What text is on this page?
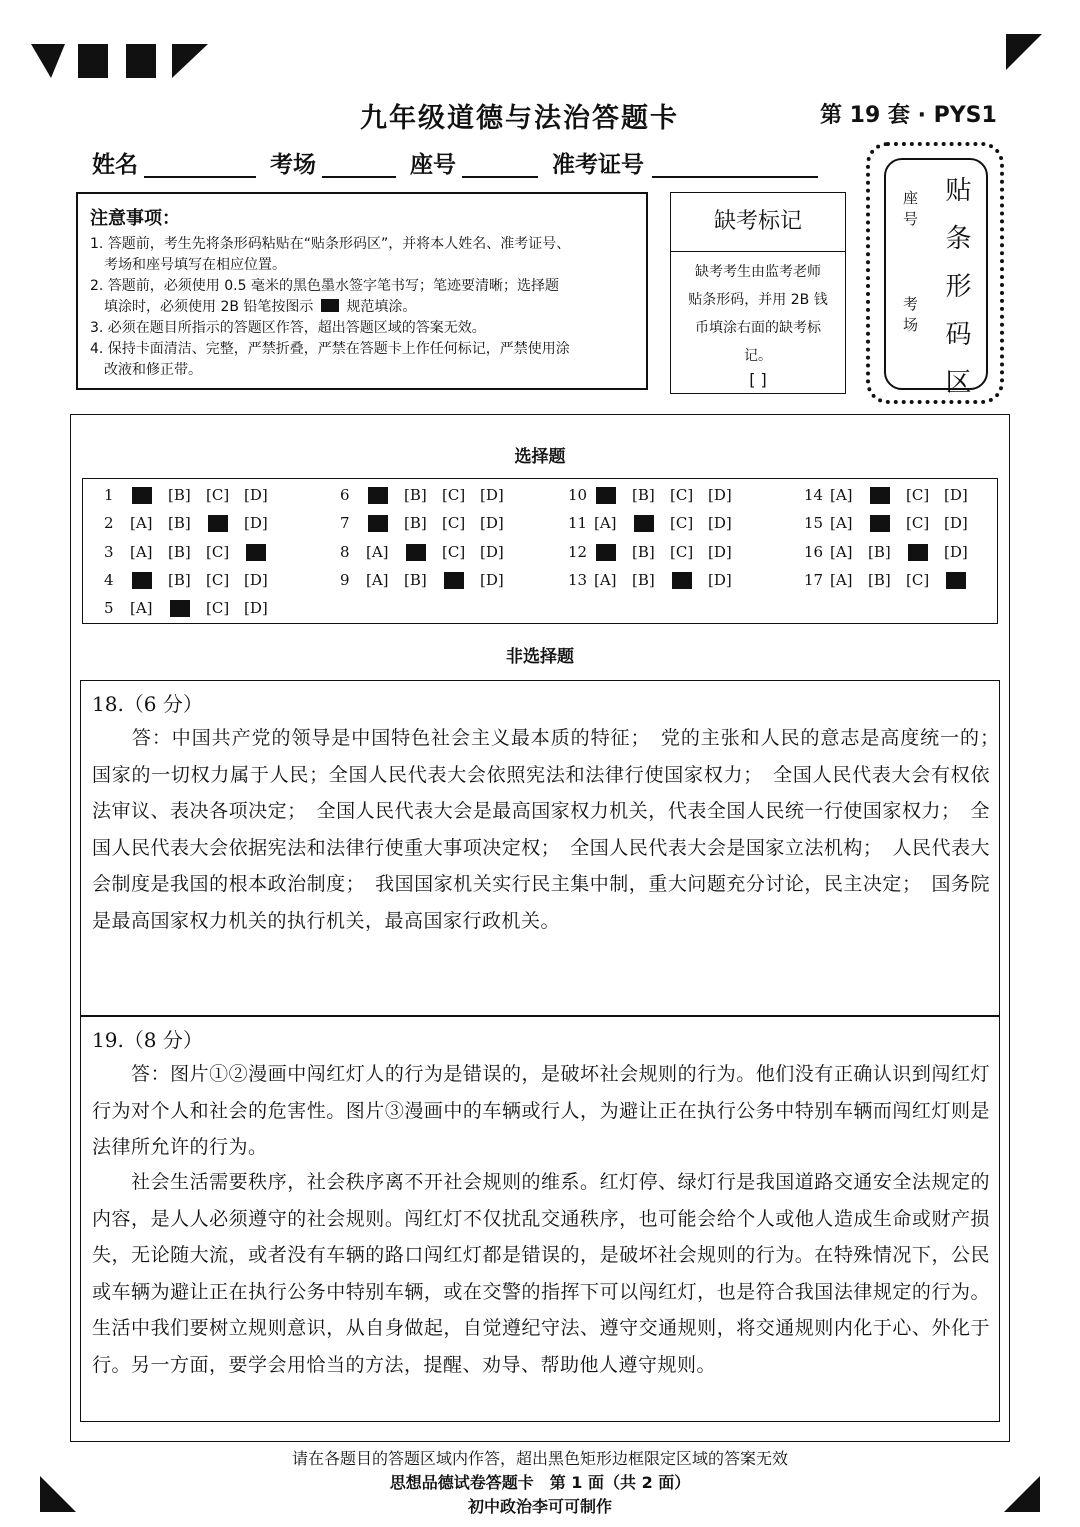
九年级道德与法治答题卡	第 19 套 · PYS1
姓名	考场	座号	准考证号
注意事项：
1. 答题前，考生先将条形码粘贴在“贴条形码区”，并将本人姓名、准考证号、
考场和座号填写在相应位置。
2. 答题前，必须使用 0.5 毫米的黑色墨水签字笔书写；笔迹要清晰；选择题
填涂时，必须使用 2B 铅笔按图示 规范填涂。
3. 必须在题目所指示的答题区作答，超出答题区域的答案无效。
4. 保持卡面清洁、完整，严禁折叠，严禁在答题卡上作任何标记，严禁使用涂
改液和修正带。
缺考标记
缺考考生由监考老师
贴条形码，并用 2B 钱
币填涂右面的缺考标
记。
[ ]	贴条形码区
座号
考场
选择题
1	[B] [C] [D]
2 [A] [B]	[D]
3 [A] [B] [C]
4	[B] [C] [D]
5 [A]	[C] [D]
6	[B] [C] [D]
7	[B] [C] [D]
8 [A]	[C] [D]
9 [A] [B]	[D]
10	[B] [C] [D]
11 [A]	[C] [D]
12	[B] [C] [D]
13 [A] [B]	[D]
14 [A]	[C] [D]
15 [A]	[C] [D]
16 [A] [B]	[D]
17 [A] [B] [C]
非选择题
18.（6 分）
　　答：中国共产党的领导是中国特色社会主义最本质的特征；　党的主张和人民的意志是高度统一的；　国家的一切权力属于人民；全国人民代表大会依照宪法和法律行使国家权力；　全国人民代表大会有权依法审议、表决各项决定；　全国人民代表大会是最高国家权力机关，代表全国人民统一行使国家权力；　全国人民代表大会依据宪法和法律行使重大事项决定权；　全国人民代表大会是国家立法机构；　人民代表大会制度是我国的根本政治制度；　我国国家机关实行民主集中制，重大问题充分讨论，民主决定；　国务院是最高国家权力机关的执行机关，最高国家行政机关。
19.（8 分）
　　答：图片①②漫画中闯红灯人的行为是错误的，是破坏社会规则的行为。他们没有正确认识到闯红灯行为对个人和社会的危害性。图片③漫画中的车辆或行人，为避让正在执行公务中特别车辆而闯红灯则是法律所允许的行为。
　　社会生活需要秩序，社会秩序离不开社会规则的维系。红灯停、绿灯行是我国道路交通安全法规定的内容，是人人必须遵守的社会规则。闯红灯不仅扰乱交通秩序，也可能会给个人或他人造成生命或财产损失，无论随大流，或者没有车辆的路口闯红灯都是错误的，是破坏社会规则的行为。在特殊情况下，公民或车辆为避让正在执行公务中特别车辆，或在交警的指挥下可以闯红灯，也是符合我国法律规定的行为。生活中我们要树立规则意识，从自身做起，自觉遵纪守法、遵守交通规则，将交通规则内化于心、外化于行。另一方面，要学会用恰当的方法，提醒、劝导、帮助他人遵守规则。
请在各题目的答题区域内作答，超出黑色矩形边框限定区域的答案无效
思想品德试卷答题卡　第 1 面（共 2 面）
初中政治李可可制作
